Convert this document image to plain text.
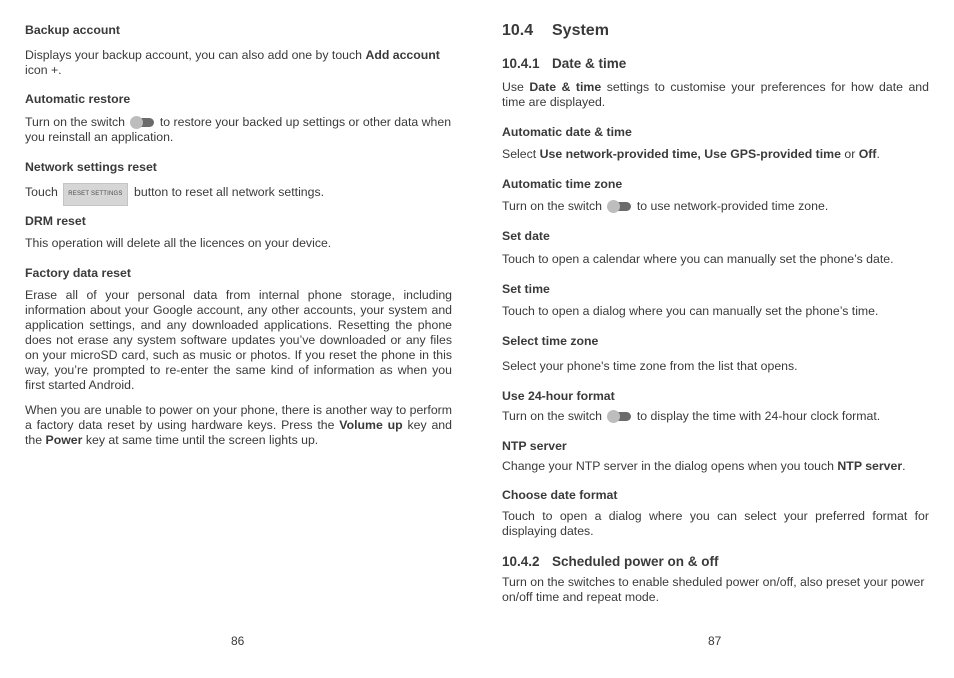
Backup account

Displays your backup account, you can also add one by touch Add account icon +.

Automatic restore

Turn on the switch
to restore your backed up settings or other data when you reinstall an application.

Network settings reset

Touch RESET SETTINGS button to reset all network settings.

DRM reset

This operation will delete all the licences on your device.

Factory data reset

Erase all of your personal data from internal phone storage, including information about your Google account, any other accounts, your system and application settings, and any downloaded applications. Resetting the phone does not erase any system software updates you’ve downloaded or any files on your microSD card, such as music or photos. If you reset the phone in this way, you’re prompted to re-enter the same kind of information as when you first started Android.

When you are unable to power on your phone, there is another way to perform a factory data reset by using hardware keys. Press the Volume up key and the Power key at same time until the screen lights up.

86
10.4 System
10.4.1 Date & time

Use Date & time settings to customise your preferences for how date and time are displayed.

Automatic date & time

Select Use network-provided time, Use GPS-provided time or Off.

Automatic time zone

Turn on the switch
to use network-provided time zone.

Set date

Touch to open a calendar where you can manually set the phone’s date.

Set time

Touch to open a dialog where you can manually set the phone’s time.

Select time zone

Select your phone's time zone from the list that opens.

Use 24-hour format

Turn on the switch
to display the time with 24-hour clock format.

NTP server

Change your NTP server in the dialog opens when you touch NTP server.

Choose date format

Touch to open a dialog where you can select your preferred format for displaying dates.

10.4.2 Scheduled power on & off

Turn on the switches to enable sheduled power on/off, also preset your power on/off time and repeat mode.

87
